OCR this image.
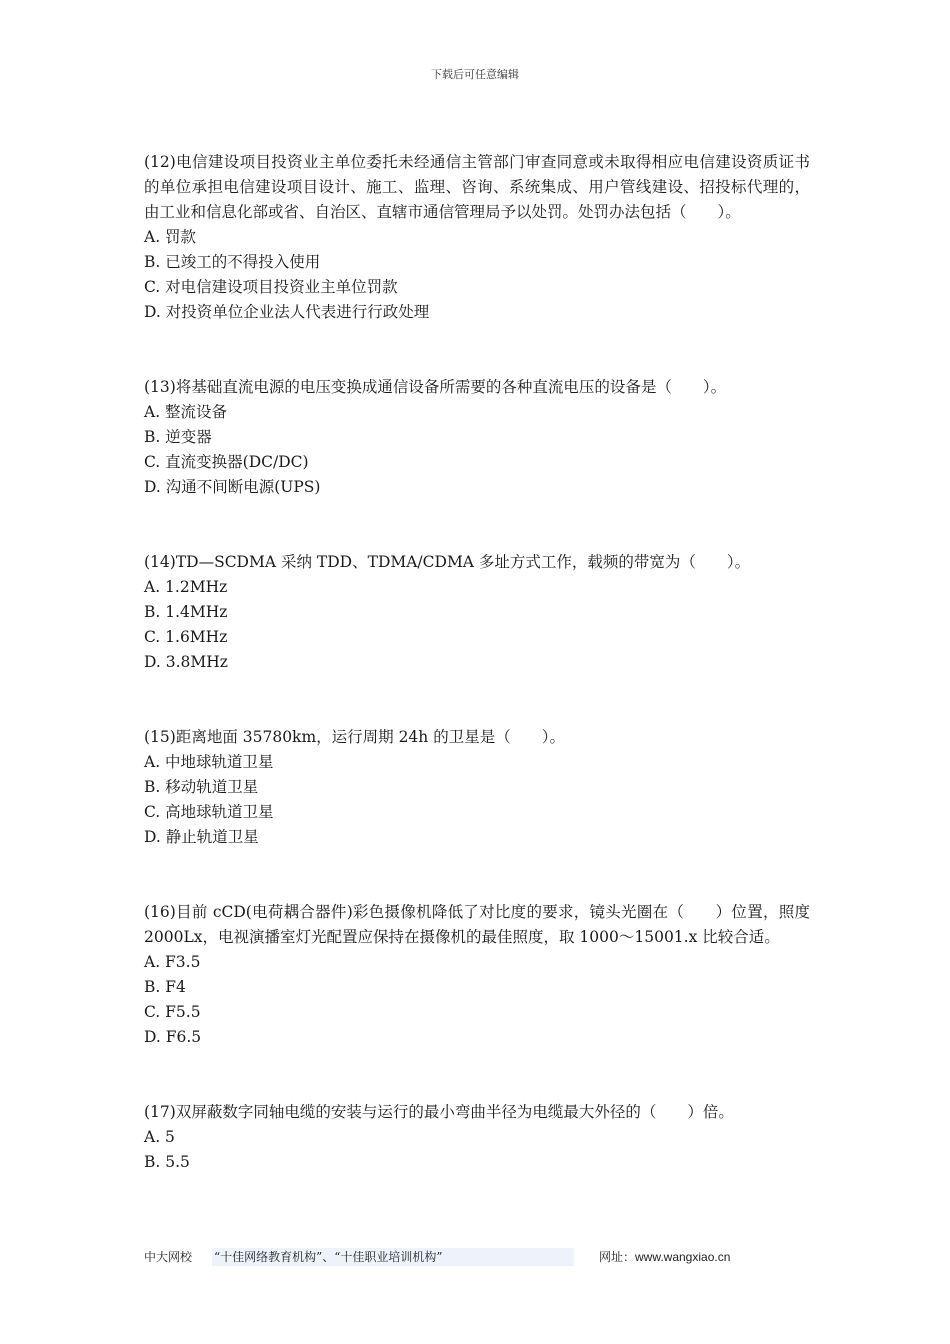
下载后可任意编辑

(12)电信建设项目投资业主单位委托未经通信主管部门审查同意或未取得相应电信建设资质证书的单位承担电信建设项目设计、施工、监理、咨询、系统集成、用户管线建设、招投标代理的，由工业和信息化部或省、自治区、直辖市通信管理局予以处罚。处罚办法包括（　　）。

A. 罚款

B. 已竣工的不得投入使用

C. 对电信建设项目投资业主单位罚款

D. 对投资单位企业法人代表进行行政处理

(13)将基础直流电源的电压变换成通信设备所需要的各种直流电压的设备是（　　）。

A. 整流设备

B. 逆变器

C. 直流变换器(DC/DC)

D. 沟通不间断电源(UPS)

(14)TD—SCDMA 采纳 TDD、TDMA/CDMA 多址方式工作，载频的带宽为（　　）。

A. 1.2MHz

B. 1.4MHz

C. 1.6MHz

D. 3.8MHz

(15)距离地面 35780km，运行周期 24h 的卫星是（　　）。

A. 中地球轨道卫星

B. 移动轨道卫星

C. 高地球轨道卫星

D. 静止轨道卫星

(16)目前 cCD(电荷耦合器件)彩色摄像机降低了对比度的要求，镜头光圈在（　　）位置，照度 2000Lx，电视演播室灯光配置应保持在摄像机的最佳照度，取 1000～15001.x 比较合适。

A. F3.5

B. F4

C. F5.5

D. F6.5

(17)双屏蔽数字同轴电缆的安装与运行的最小弯曲半径为电缆最大外径的（　　）倍。

A. 5

B. 5.5

中大网校 “十佳网络教育机构”、“十佳职业培训机构”	网址：www.wangxiao.cn
